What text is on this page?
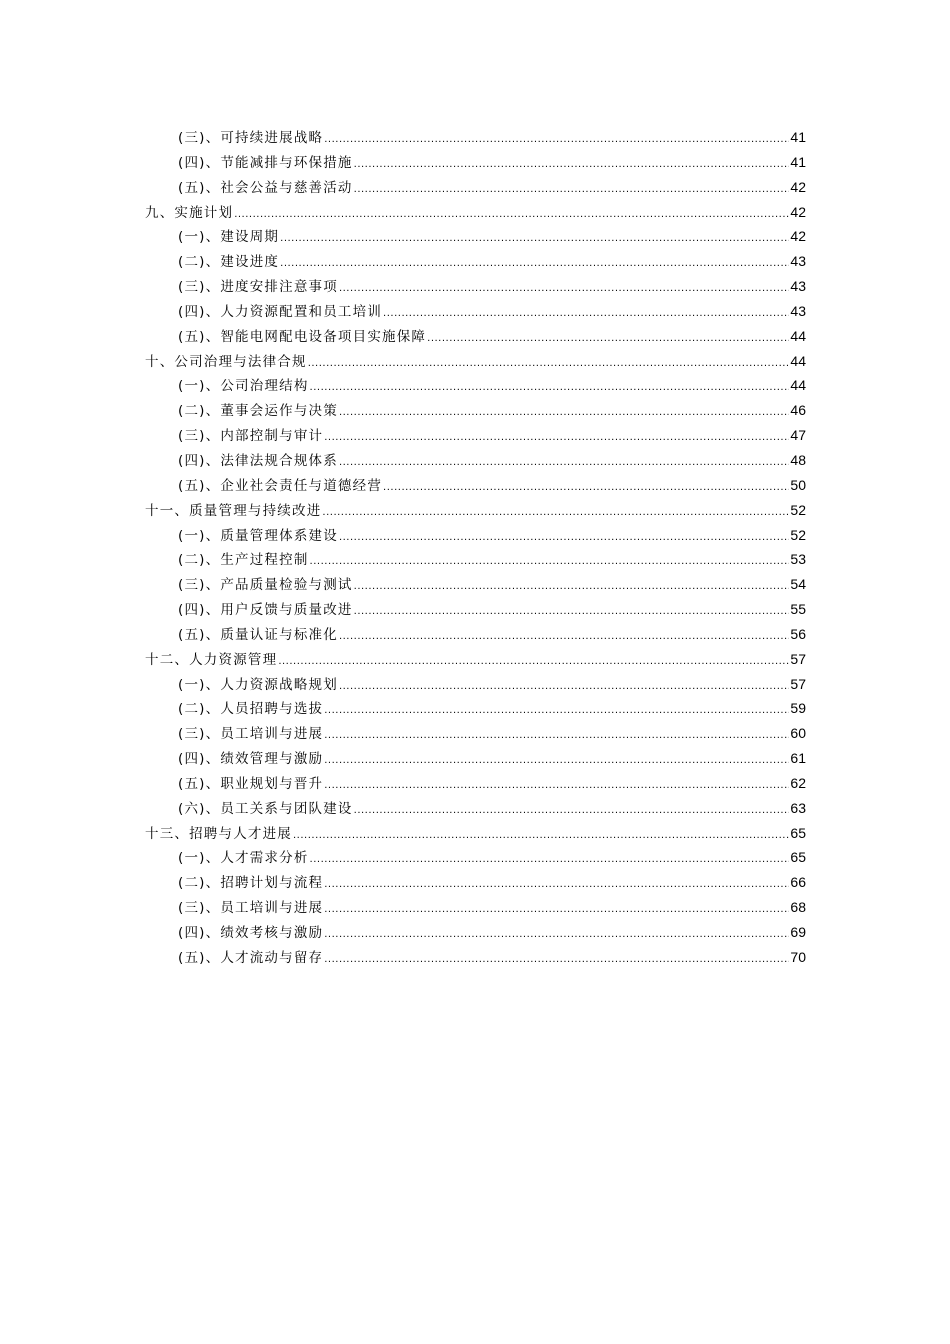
(三)、可持续进展战略 .....	41
(四)、节能减排与环保措施 .....	41
(五)、社会公益与慈善活动 .....	42
九、实施计划 .....	42
(一)、建设周期 .....	42
(二)、建设进度 .....	43
(三)、进度安排注意事项 .....	43
(四)、人力资源配置和员工培训 .....	43
(五)、智能电网配电设备项目实施保障 .....	44
十、公司治理与法律合规 .....	44
(一)、公司治理结构 .....	44
(二)、董事会运作与决策 .....	46
(三)、内部控制与审计 .....	47
(四)、法律法规合规体系 .....	48
(五)、企业社会责任与道德经营 .....	50
十一、质量管理与持续改进 .....	52
(一)、质量管理体系建设 .....	52
(二)、生产过程控制 .....	53
(三)、产品质量检验与测试 .....	54
(四)、用户反馈与质量改进 .....	55
(五)、质量认证与标准化 .....	56
十二、人力资源管理 .....	57
(一)、人力资源战略规划 .....	57
(二)、人员招聘与选拔 .....	59
(三)、员工培训与进展 .....	60
(四)、绩效管理与激励 .....	61
(五)、职业规划与晋升 .....	62
(六)、员工关系与团队建设 .....	63
十三、招聘与人才进展 .....	65
(一)、人才需求分析 .....	65
(二)、招聘计划与流程 .....	66
(三)、员工培训与进展 .....	68
(四)、绩效考核与激励 .....	69
(五)、人才流动与留存 .....	70
